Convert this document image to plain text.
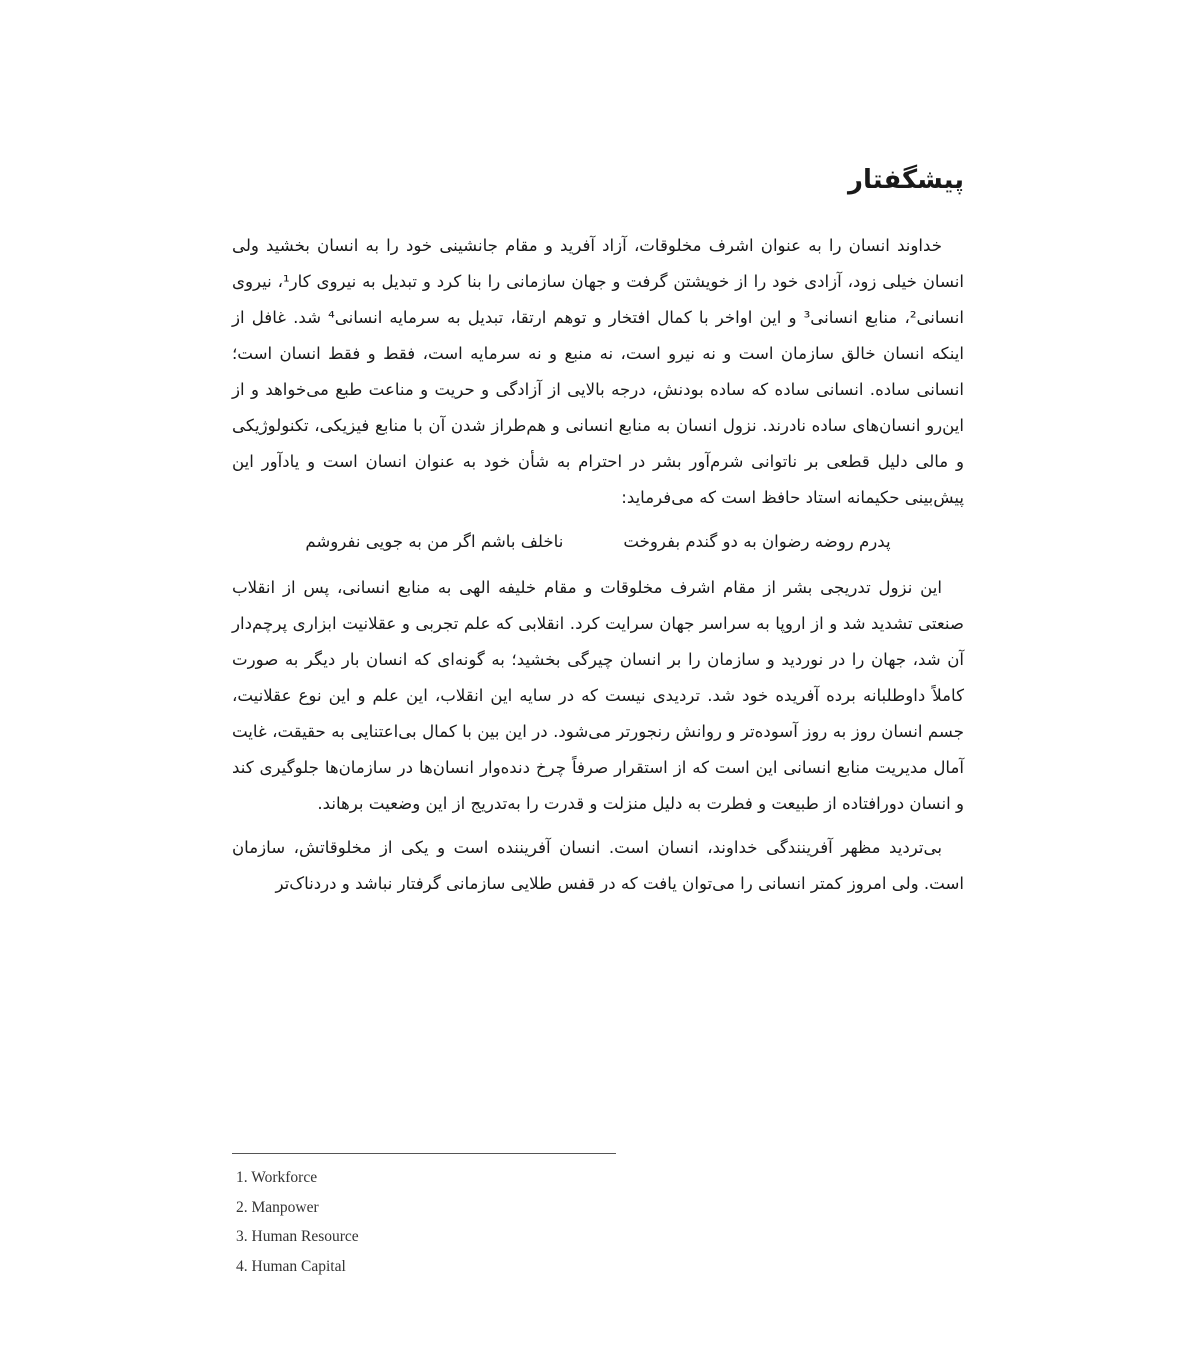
پیشگفتار

خداوند انسان را به عنوان اشرف مخلوقات، آزاد آفرید و مقام جانشینی خود را به انسان بخشید ولی انسان خیلی زود، آزادی خود را از خویشتن گرفت و جهان سازمانی را بنا کرد و تبدیل به نیروی کار¹، نیروی انسانی²، منابع انسانی³ و این اواخر با کمال افتخار و توهم ارتقا، تبدیل به سرمایه انسانی⁴ شد. غافل از اینکه انسان خالق سازمان است و نه نیرو است، نه منبع و نه سرمایه است، فقط و فقط انسان است؛ انسانی ساده. انسانی ساده که ساده بودنش، درجه بالایی از آزادگی و حریت و مناعت طبع می‌خواهد و از این‌رو انسان‌های ساده نادرند. نزول انسان به منابع انسانی و هم‌طراز شدن آن با منابع فیزیکی، تکنولوژیکی و مالی دلیل قطعی بر ناتوانی شرم‌آور بشر در احترام به شأن خود به عنوان انسان است و یادآور این پیش‌بینی حکیمانه استاد حافظ است که می‌فرماید:

پدرم روضه رضوان به دو گندم بفروخت
ناخلف باشم اگر من به جویی نفروشم

این نزول تدریجی بشر از مقام اشرف مخلوقات و مقام خلیفه الهی به منابع انسانی، پس از انقلاب صنعتی تشدید شد و از اروپا به سراسر جهان سرایت کرد. انقلابی که علم تجربی و عقلانیت ابزاری پرچم‌دار آن شد، جهان را در نوردید و سازمان را بر انسان چیرگی بخشید؛ به گونه‌ای که انسان بار دیگر به صورت کاملاً داوطلبانه برده آفریده خود شد. تردیدی نیست که در سایه این انقلاب، این علم و این نوع عقلانیت، جسم انسان روز به روز آسوده‌تر و روانش رنجورتر می‌شود. در این بین با کمال بی‌اعتنایی به حقیقت، غایت آمال مدیریت منابع انسانی این است که از استقرار صرفاً چرخ دنده‌وار انسان‌ها در سازمان‌ها جلوگیری کند و انسان دورافتاده از طبیعت و فطرت به دلیل منزلت و قدرت را به‌تدریج از این وضعیت برهاند.

بی‌تردید مظهر آفرینندگی خداوند، انسان است. انسان آفریننده است و یکی از مخلوقاتش، سازمان است. ولی امروز کمتر انسانی را می‌توان یافت که در قفس طلایی سازمانی گرفتار نباشد و دردناک‌تر

1. Workforce
2. Manpower
3. Human Resource
4. Human Capital
